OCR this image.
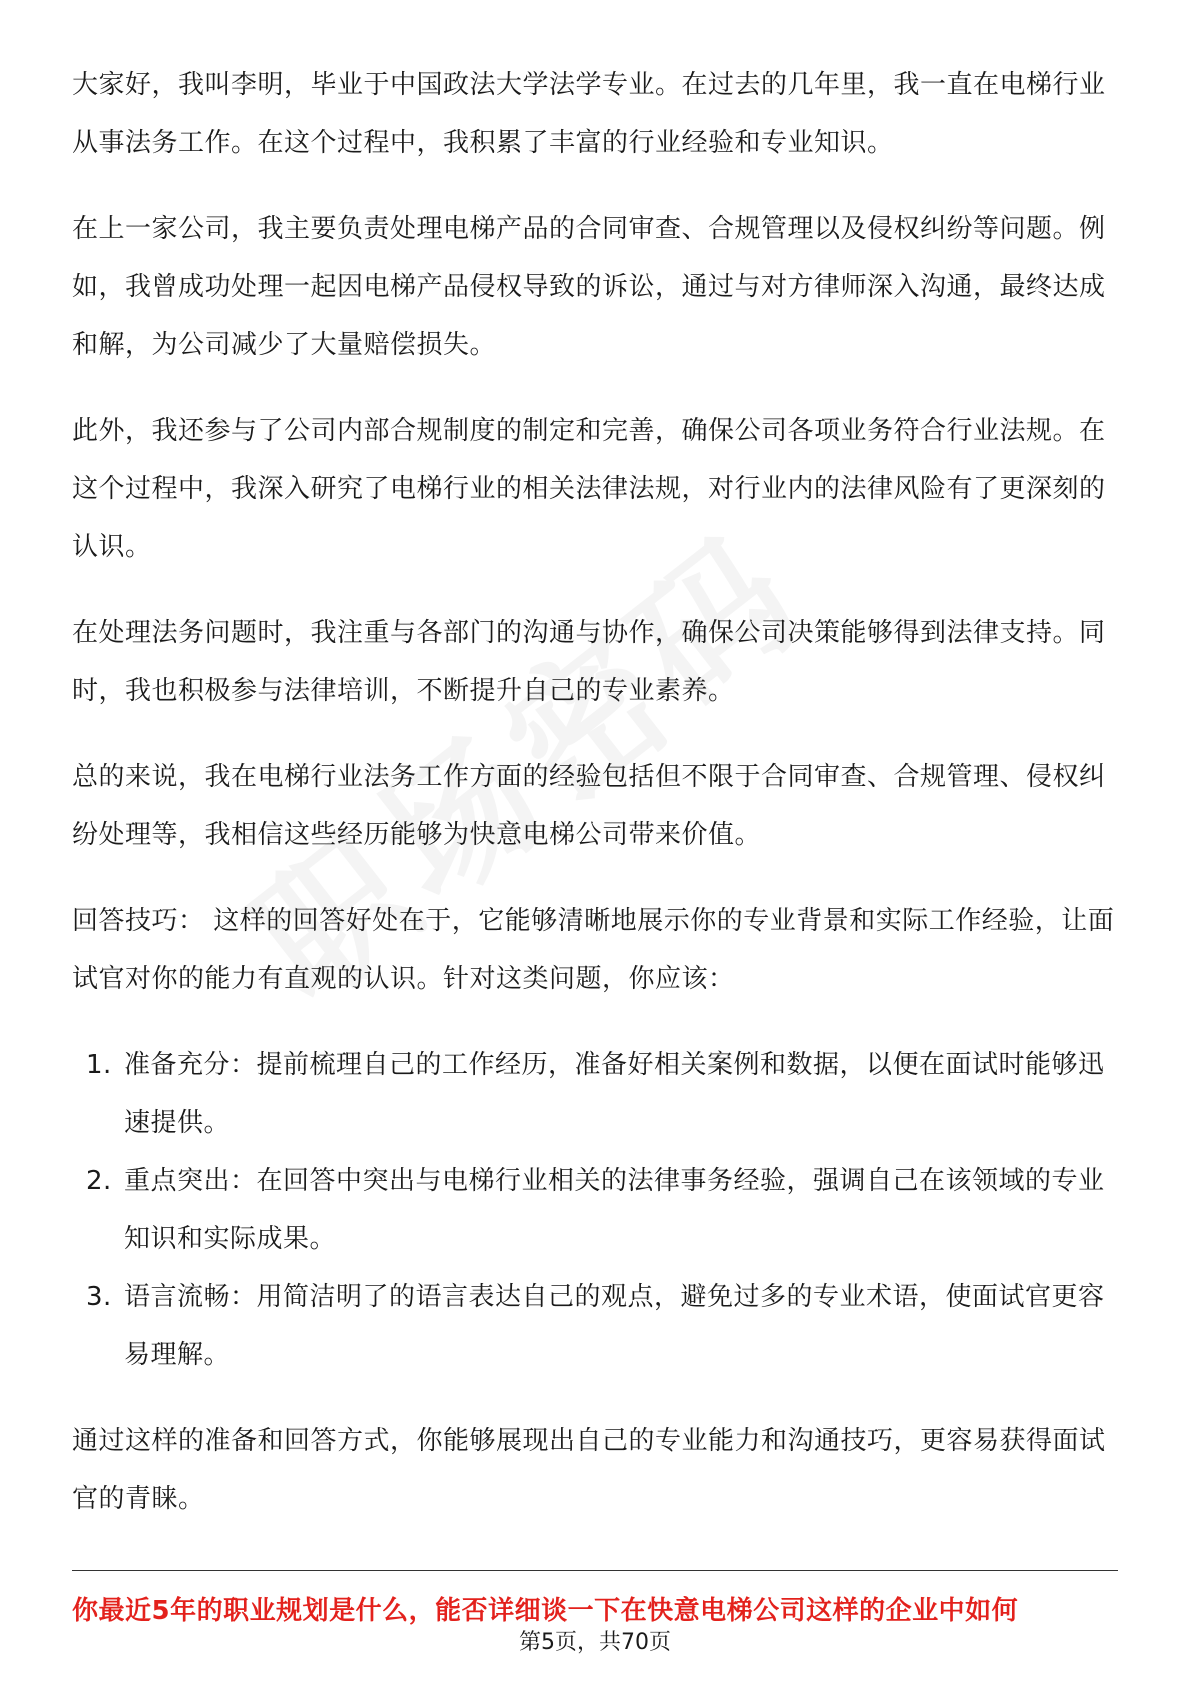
大家好，我叫李明，毕业于中国政法大学法学专业。在过去的几年里，我一直在电梯行业从事法务工作。在这个过程中，我积累了丰富的行业经验和专业知识。

在上一家公司，我主要负责处理电梯产品的合同审查、合规管理以及侵权纠纷等问题。例如，我曾成功处理一起因电梯产品侵权导致的诉讼，通过与对方律师深入沟通，最终达成和解，为公司减少了大量赔偿损失。

此外，我还参与了公司内部合规制度的制定和完善，确保公司各项业务符合行业法规。在这个过程中，我深入研究了电梯行业的相关法律法规，对行业内的法律风险有了更深刻的认识。

在处理法务问题时，我注重与各部门的沟通与协作，确保公司决策能够得到法律支持。同时，我也积极参与法律培训，不断提升自己的专业素养。

总的来说，我在电梯行业法务工作方面的经验包括但不限于合同审查、合规管理、侵权纠纷处理等，我相信这些经历能够为快意电梯公司带来价值。

回答技巧： 这样的回答好处在于，它能够清晰地展示你的专业背景和实际工作经验，让面试官对你的能力有直观的认识。针对这类问题，你应该：

1. 准备充分：提前梳理自己的工作经历，准备好相关案例和数据，以便在面试时能够迅速提供。
2. 重点突出：在回答中突出与电梯行业相关的法律事务经验，强调自己在该领域的专业知识和实际成果。
3. 语言流畅：用简洁明了的语言表达自己的观点，避免过多的专业术语，使面试官更容易理解。

通过这样的准备和回答方式，你能够展现出自己的专业能力和沟通技巧，更容易获得面试官的青睐。

你最近5年的职业规划是什么，能否详细谈一下在快意电梯公司这样的企业中如何
第5页，共70页
